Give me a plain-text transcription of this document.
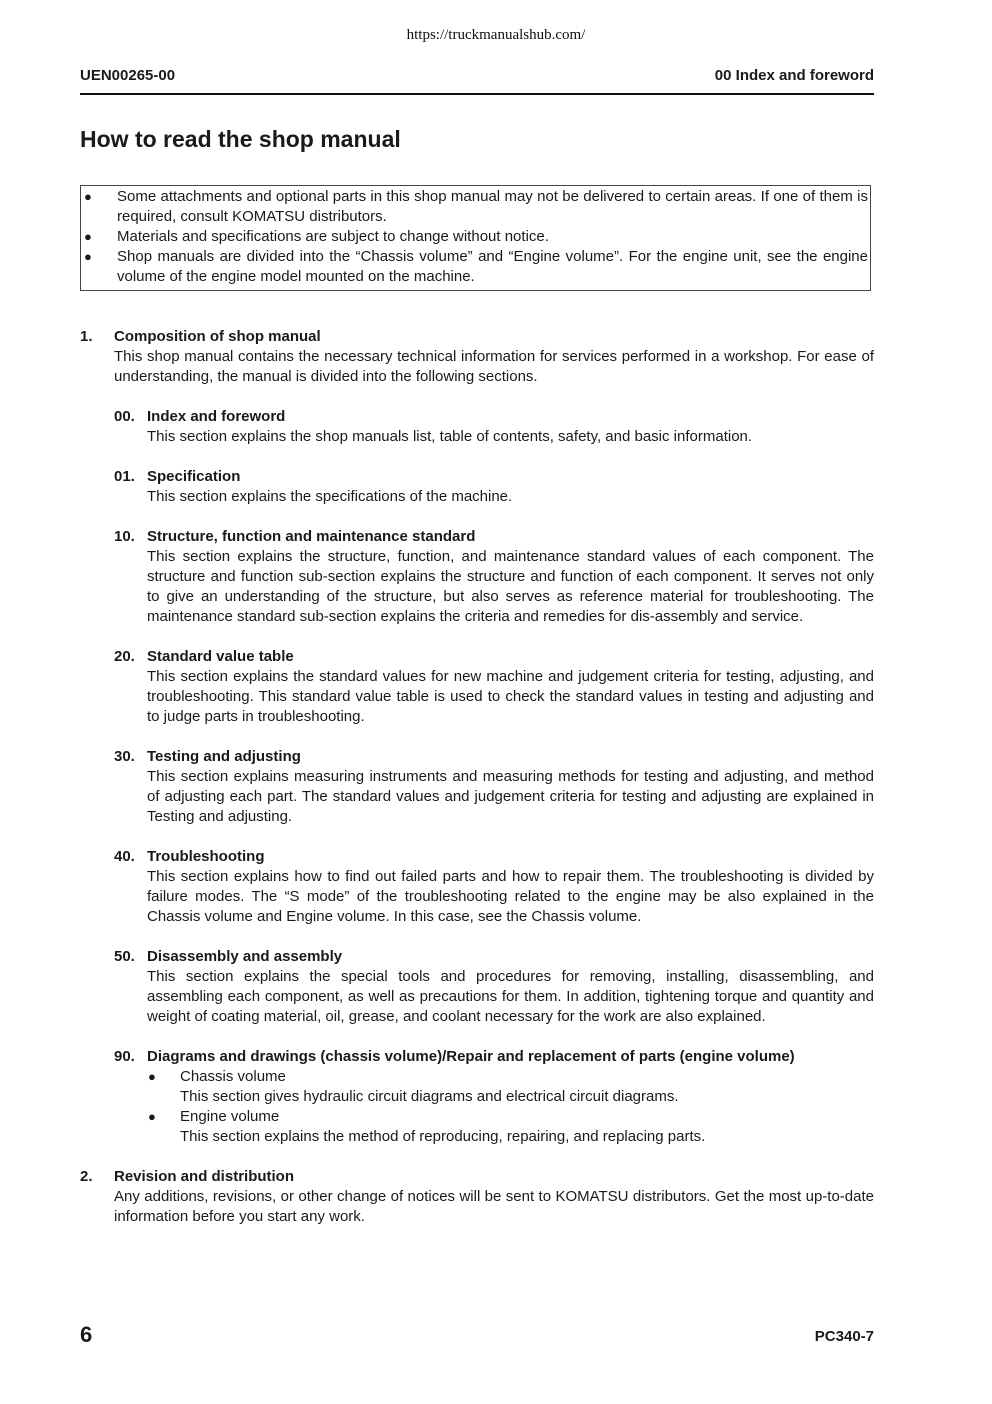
https://truckmanualshub.com/
UEN00265-00	00 Index and foreword
How to read the shop manual
● Some attachments and optional parts in this shop manual may not be delivered to certain areas. If one of them is required, consult KOMATSU distributors.
● Materials and specifications are subject to change without notice.
● Shop manuals are divided into the “Chassis volume” and “Engine volume”. For the engine unit, see the engine volume of the engine model mounted on the machine.
1. Composition of shop manual
This shop manual contains the necessary technical information for services performed in a workshop. For ease of understanding, the manual is divided into the following sections.
00. Index and foreword
This section explains the shop manuals list, table of contents, safety, and basic information.
01. Specification
This section explains the specifications of the machine.
10. Structure, function and maintenance standard
This section explains the structure, function, and maintenance standard values of each component. The structure and function sub-section explains the structure and function of each component. It serves not only to give an understanding of the structure, but also serves as reference material for troubleshooting. The maintenance standard sub-section explains the criteria and remedies for dis-assembly and service.
20. Standard value table
This section explains the standard values for new machine and judgement criteria for testing, adjusting, and troubleshooting. This standard value table is used to check the standard values in testing and adjusting and to judge parts in troubleshooting.
30. Testing and adjusting
This section explains measuring instruments and measuring methods for testing and adjusting, and method of adjusting each part. The standard values and judgement criteria for testing and adjusting are explained in Testing and adjusting.
40. Troubleshooting
This section explains how to find out failed parts and how to repair them. The troubleshooting is divided by failure modes. The “S mode” of the troubleshooting related to the engine may be also explained in the Chassis volume and Engine volume. In this case, see the Chassis volume.
50. Disassembly and assembly
This section explains the special tools and procedures for removing, installing, disassembling, and assembling each component, as well as precautions for them. In addition, tightening torque and quantity and weight of coating material, oil, grease, and coolant necessary for the work are also explained.
90. Diagrams and drawings (chassis volume)/Repair and replacement of parts (engine volume)
● Chassis volume
This section gives hydraulic circuit diagrams and electrical circuit diagrams.
● Engine volume
This section explains the method of reproducing, repairing, and replacing parts.
2. Revision and distribution
Any additions, revisions, or other change of notices will be sent to KOMATSU distributors. Get the most up-to-date information before you start any work.
6	PC340-7
